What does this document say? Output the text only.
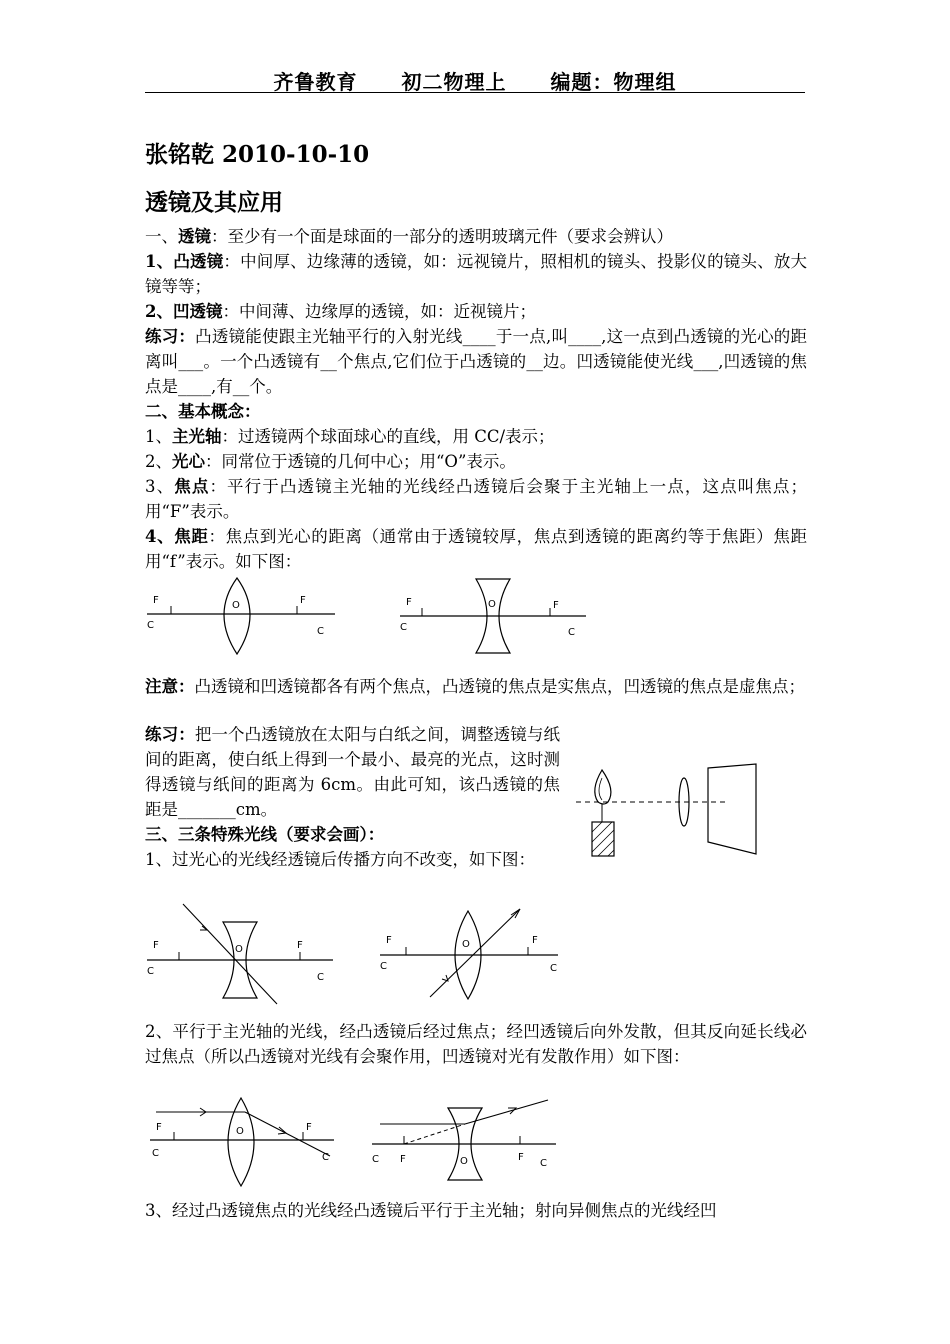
齐鲁教育 初二物理上 编题：物理组
张铭乾 2010-10-10
透镜及其应用
一、透镜：至少有一个面是球面的一部分的透明玻璃元件（要求会辨认）
1、凸透镜：中间厚、边缘薄的透镜，如：远视镜片，照相机的镜头、投影仪的镜头、放大镜等等；
2、凹透镜：中间薄、边缘厚的透镜，如：近视镜片；
练习：凸透镜能使跟主光轴平行的入射光线____于一点,叫____,这一点到凸透镜的光心的距离叫___。一个凸透镜有__个焦点,它们位于凸透镜的__边。凹透镜能使光线___,凹透镜的焦点是____,有__个。
二、基本概念：
1、主光轴：过透镜两个球面球心的直线，用 CC/表示；
2、光心：同常位于透镜的几何中心；用“O”表示。
3、焦点：平行于凸透镜主光轴的光线经凸透镜后会聚于主光轴上一点，这点叫焦点；用“F”表示。
4、焦距：焦点到光心的距离（通常由于透镜较厚，焦点到透镜的距离约等于焦距）焦距用“f”表示。如下图：
F	F
C
C
O	F	F
C	C
O
注意：凸透镜和凹透镜都各有两个焦点，凸透镜的焦点是实焦点，凹透镜的焦点是虚焦点；
练习：把一个凸透镜放在太阳与白纸之间，调整透镜与纸间的距离，使白纸上得到一个最小、最亮的光点，这时测得透镜与纸间的距离为 6cm。由此可知，该凸透镜的焦距是_______cm。
三、三条特殊光线（要求会画）：
1、过光心的光线经透镜后传播方向不改变，如下图：
F	F
C
C
O
F	F
C	C
O
2、平行于主光轴的光线，经凸透镜后经过焦点；经凹透镜后向外发散，但其反向延长线必过焦点（所以凸透镜对光线有会聚作用，凹透镜对光有发散作用）如下图：
F	F
C	C
O
C F	O	F
C
3、经过凸透镜焦点的光线经凸透镜后平行于主光轴；射向异侧焦点的光线经凹
